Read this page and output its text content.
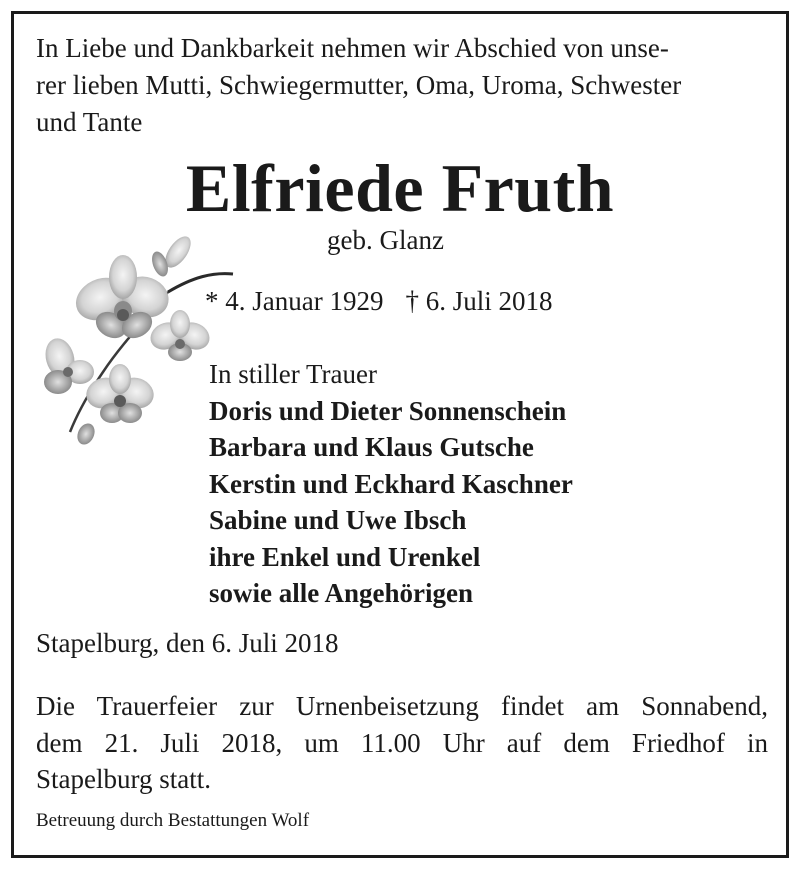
In Liebe und Dankbarkeit nehmen wir Abschied von unse-
rer lieben Mutti, Schwiegermutter, Oma, Uroma, Schwester
und Tante
Elfriede Fruth
geb. Glanz
* 4. Januar 1929 † 6. Juli 2018
In stiller Trauer
Doris und Dieter Sonnenschein
Barbara und Klaus Gutsche
Kerstin und Eckhard Kaschner
Sabine und Uwe Ibsch
ihre Enkel und Urenkel
sowie alle Angehörigen
Stapelburg, den 6. Juli 2018
Die Trauerfeier zur Urnenbeisetzung findet am Sonnabend,
dem 21. Juli 2018, um 11.00 Uhr auf dem Friedhof in
Stapelburg statt.
Betreuung durch Bestattungen Wolf
